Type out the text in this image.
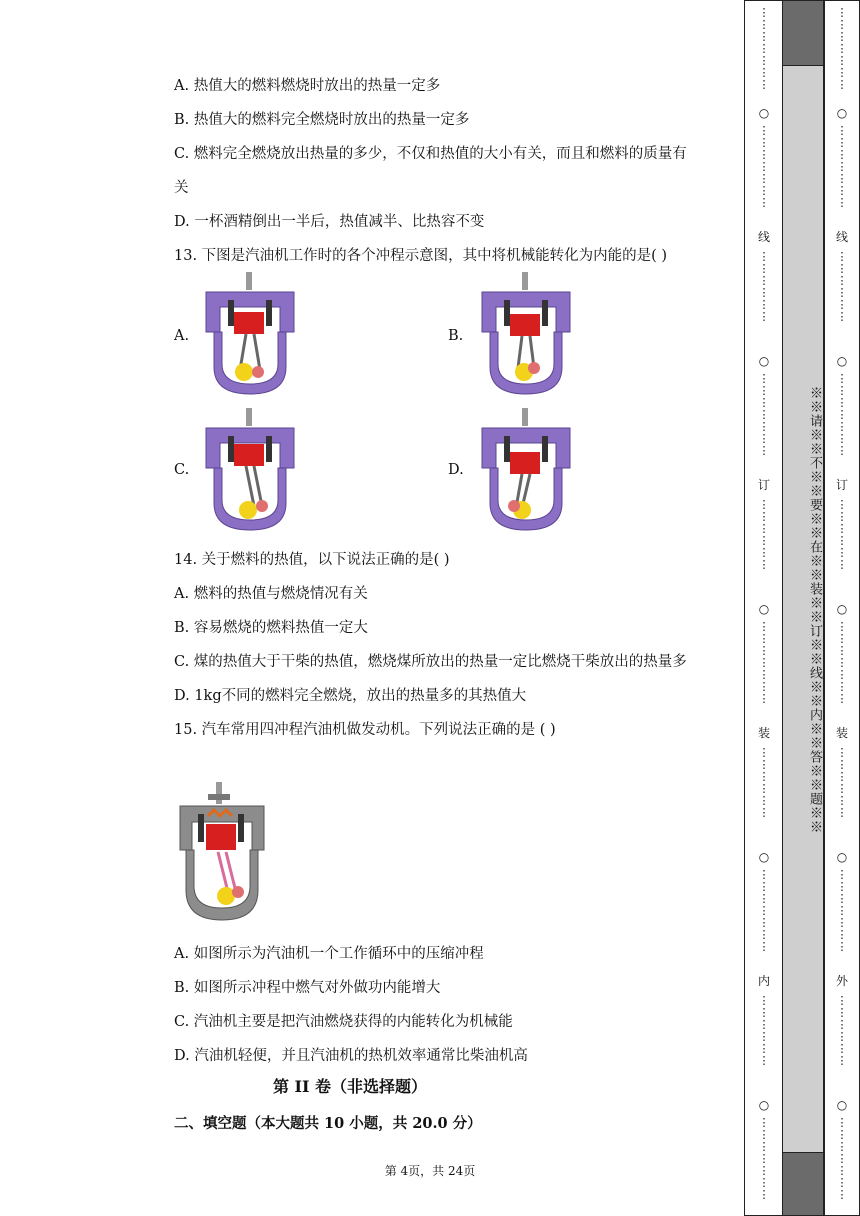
A. 热值大的燃料燃烧时放出的热量一定多
B. 热值大的燃料完全燃烧时放出的热量一定多
C. 燃料完全燃烧放出热量的多少，不仅和热值的大小有关，而且和燃料的质量有
关
D. 一杯酒精倒出一半后，热值减半、比热容不变
13. 下图是汽油机工作时的各个冲程示意图，其中将机械能转化为内能的是( )
A.	B.
C.	D.
14. 关于燃料的热值，以下说法正确的是( )
A. 燃料的热值与燃烧情况有关
B. 容易燃烧的燃料热值一定大
C. 煤的热值大于干柴的热值，燃烧煤所放出的热量一定比燃烧干柴放出的热量多
D. 1kg不同的燃料完全燃烧，放出的热量多的其热值大
15. 汽车常用四冲程汽油机做发动机。下列说法正确的是 ( )
A. 如图所示为汽油机一个工作循环中的压缩冲程
B. 如图所示冲程中燃气对外做功内能增大
C. 汽油机主要是把汽油燃烧获得的内能转化为机械能
D. 汽油机轻便，并且汽油机的热机效率通常比柴油机高
第 II 卷（非选择题）
二、填空题（本大题共 10 小题，共 20.0 分）
第 4页，共 24页
⋮
⋮
⋮
⋮
⋮
⋮
⋮
○
⋮
⋮
⋮
⋮
⋮
⋮
⋮
线
⋮
⋮
⋮
⋮
⋮
⋮
○
⋮
⋮
⋮
⋮
⋮
⋮
⋮
订
⋮
⋮
⋮
⋮
⋮
⋮
○
⋮
⋮
⋮
⋮
⋮
⋮
⋮
装
⋮
⋮
⋮
⋮
⋮
⋮
○
⋮
⋮
⋮
⋮
⋮
⋮
⋮
内
⋮
⋮
⋮
⋮
⋮
⋮
○
⋮
⋮
⋮
⋮
⋮
⋮
⋮
※※请※※不※※要※※在※※装※※订※※线※※内※※答※※题※※
⋮
⋮
⋮
⋮
⋮
⋮
⋮
○
⋮
⋮
⋮
⋮
⋮
⋮
⋮
线
⋮
⋮
⋮
⋮
⋮
⋮
○
⋮
⋮
⋮
⋮
⋮
⋮
⋮
订
⋮
⋮
⋮
⋮
⋮
⋮
○
⋮
⋮
⋮
⋮
⋮
⋮
⋮
装
⋮
⋮
⋮
⋮
⋮
⋮
○
⋮
⋮
⋮
⋮
⋮
⋮
⋮
外
⋮
⋮
⋮
⋮
⋮
⋮
○
⋮
⋮
⋮
⋮
⋮
⋮
⋮
